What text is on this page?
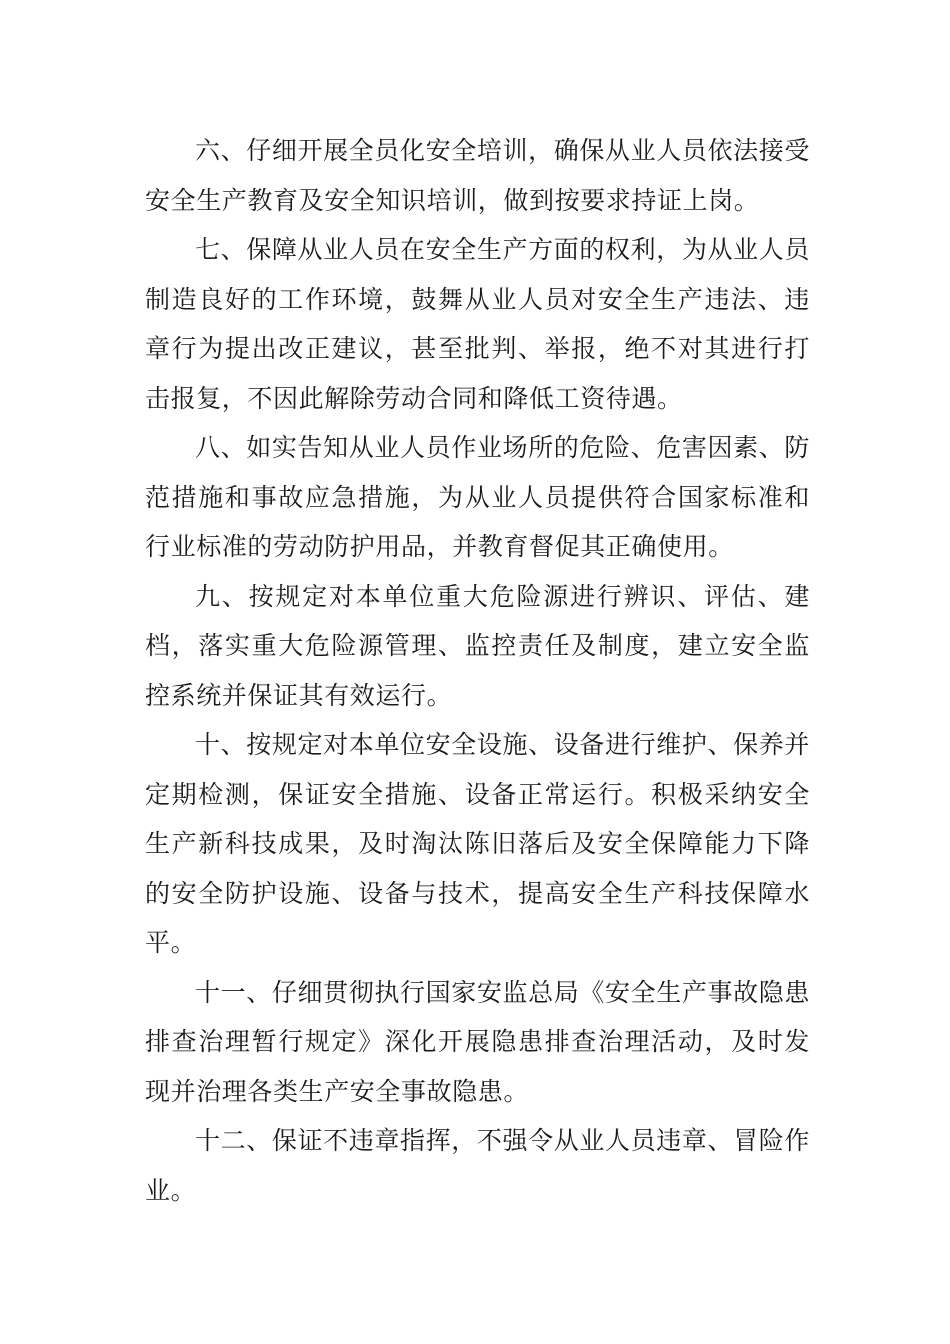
六、仔细开展全员化安全培训，确保从业人员依法接受安全生产教育及安全知识培训，做到按要求持证上岗。

七、保障从业人员在安全生产方面的权利，为从业人员制造良好的工作环境，鼓舞从业人员对安全生产违法、违章行为提出改正建议，甚至批判、举报，绝不对其进行打击报复，不因此解除劳动合同和降低工资待遇。

八、如实告知从业人员作业场所的危险、危害因素、防范措施和事故应急措施，为从业人员提供符合国家标准和行业标准的劳动防护用品，并教育督促其正确使用。

九、按规定对本单位重大危险源进行辨识、评估、建档，落实重大危险源管理、监控责任及制度，建立安全监控系统并保证其有效运行。

十、按规定对本单位安全设施、设备进行维护、保养并定期检测，保证安全措施、设备正常运行。积极采纳安全生产新科技成果，及时淘汰陈旧落后及安全保障能力下降的安全防护设施、设备与技术，提高安全生产科技保障水平。

十一、仔细贯彻执行国家安监总局《安全生产事故隐患排查治理暂行规定》深化开展隐患排查治理活动，及时发现并治理各类生产安全事故隐患。

十二、保证不违章指挥，不强令从业人员违章、冒险作业。
